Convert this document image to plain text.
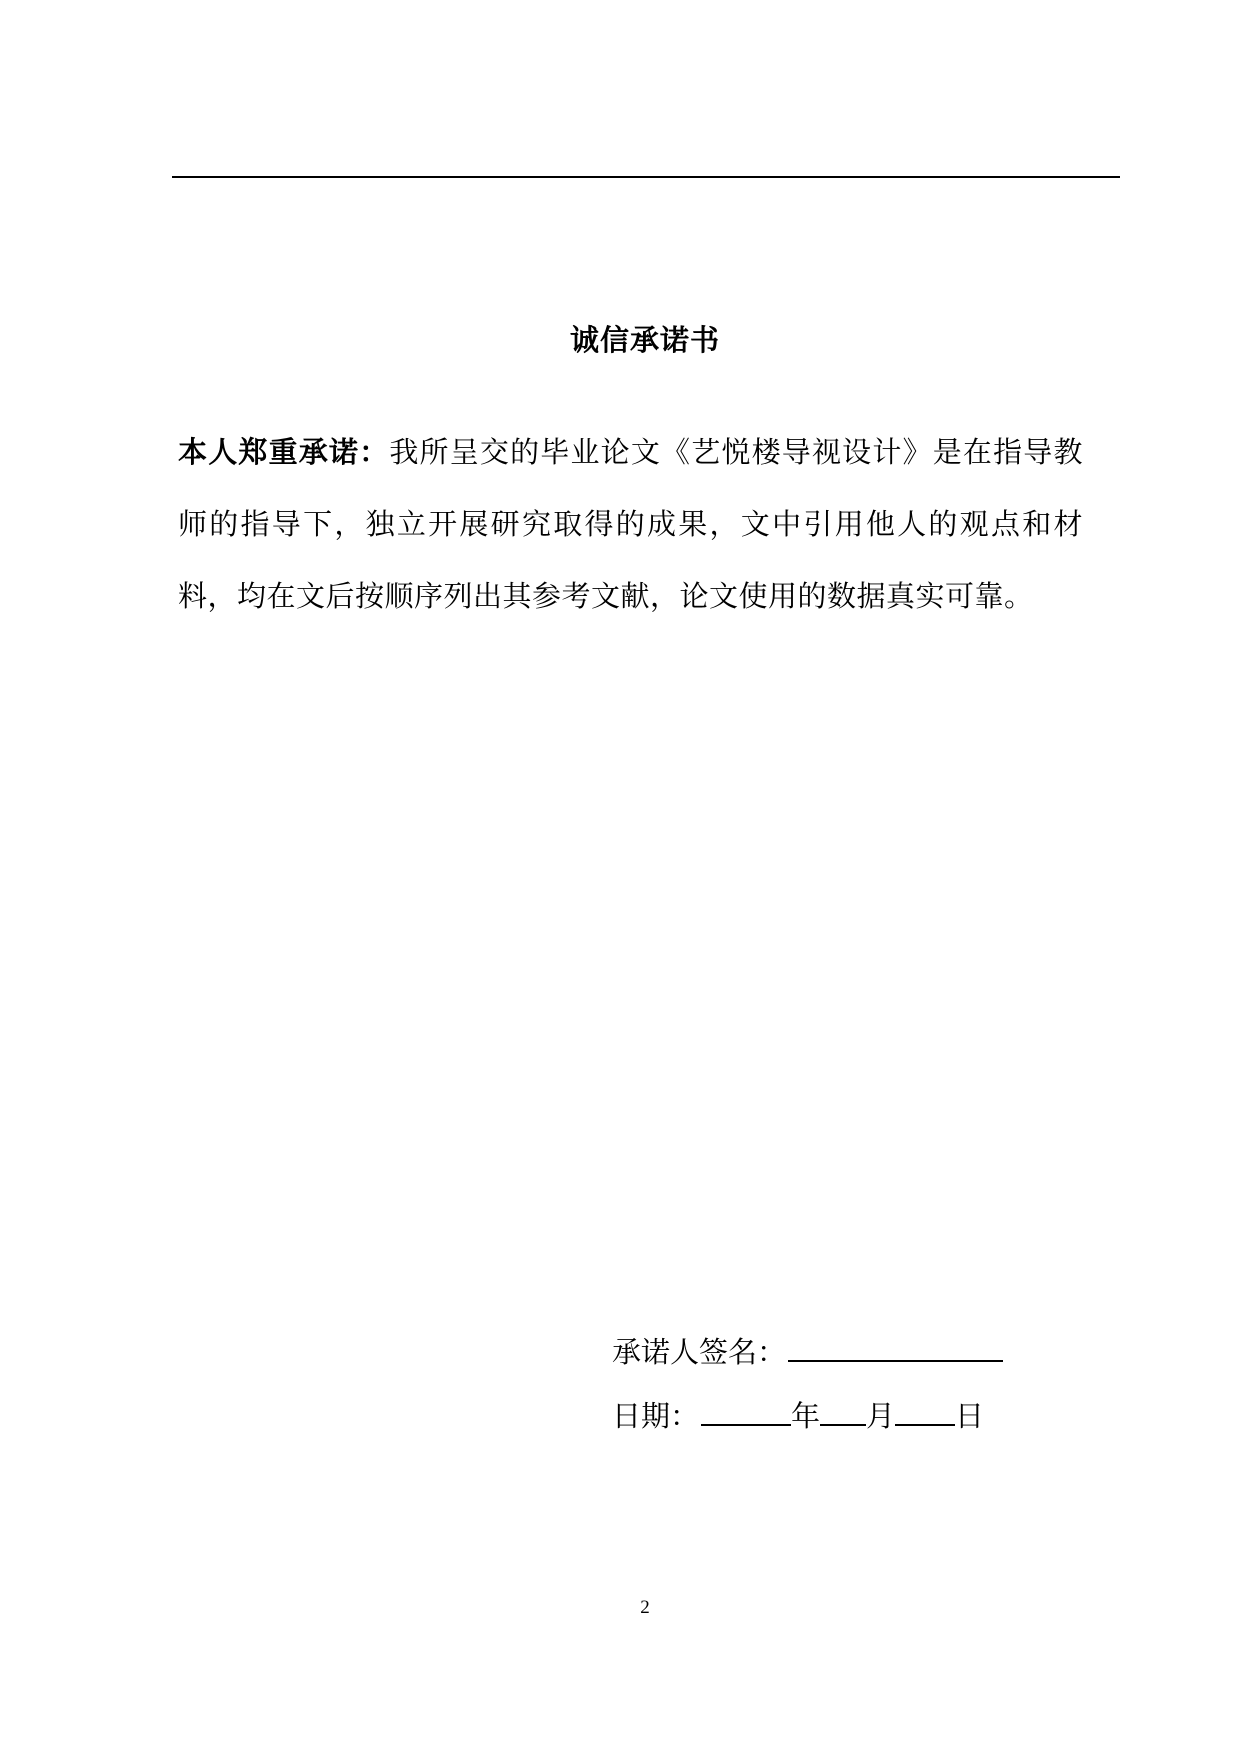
诚信承诺书

本人郑重承诺：我所呈交的毕业论文《艺悦楼导视设计》是在指导教师的指导下，独立开展研究取得的成果，文中引用他人的观点和材料，均在文后按顺序列出其参考文献，论文使用的数据真实可靠。

承诺人签名：
日期：	年 月 日
2
